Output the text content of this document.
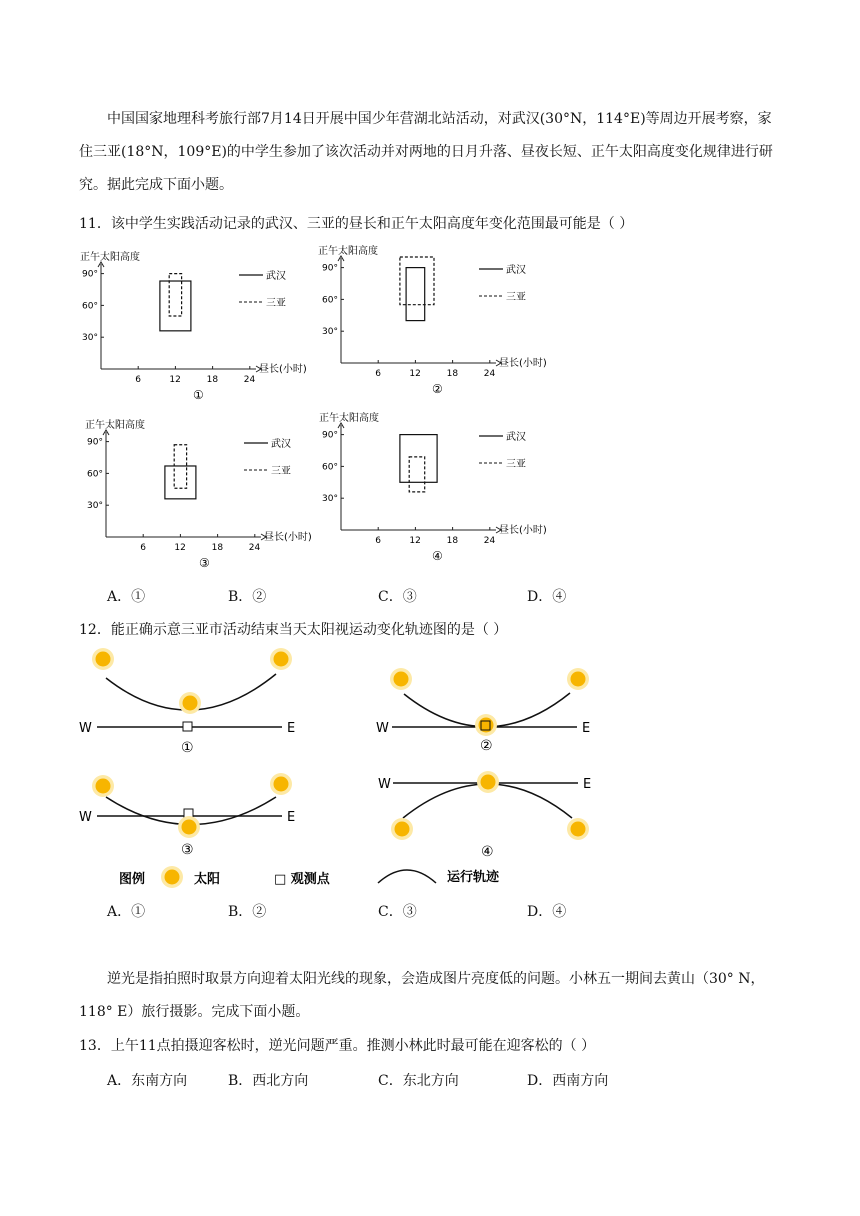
中国国家地理科考旅行部7月14日开展中国少年营湖北站活动，对武汉(30°N，114°E)等周边开展考察，家住三亚(18°N，109°E)的中学生参加了该次活动并对两地的日月升落、昼夜长短、正午太阳高度变化规律进行研究。据此完成下面小题。

11．该中学生实践活动记录的武汉、三亚的昼长和正午太阳高度年变化范围最可能是（ ）

正午太阳高度
90°
60°
30°
6	12	18	24
昼长(小时)
武汉
三亚
①
正午太阳高度
90°
60°
30°
6	12	18	24
昼长(小时)
武汉
三亚
②
正午太阳高度
90°
60°
30°
6	12	18	24
昼长(小时)
武汉
三亚
③
正午太阳高度
90°
60°
30°
6	12	18	24
昼长(小时)
武汉
三亚
④
A．①	B．②	C．③	D．④

12．能正确示意三亚市活动结束当天太阳视运动变化轨迹图的是（ ）

W	E
①
W	E
②
W	E
③
W	E
④
图例	太阳	□ 观测点	运行轨迹
A．①	B．②	C．③	D．④

逆光是指拍照时取景方向迎着太阳光线的现象，会造成图片亮度低的问题。小林五一期间去黄山（30° N，118° E）旅行摄影。完成下面小题。

13．上午11点拍摄迎客松时，逆光问题严重。推测小林此时最可能在迎客松的（ ）

A．东南方向	B．西北方向	C．东北方向	D．西南方向
